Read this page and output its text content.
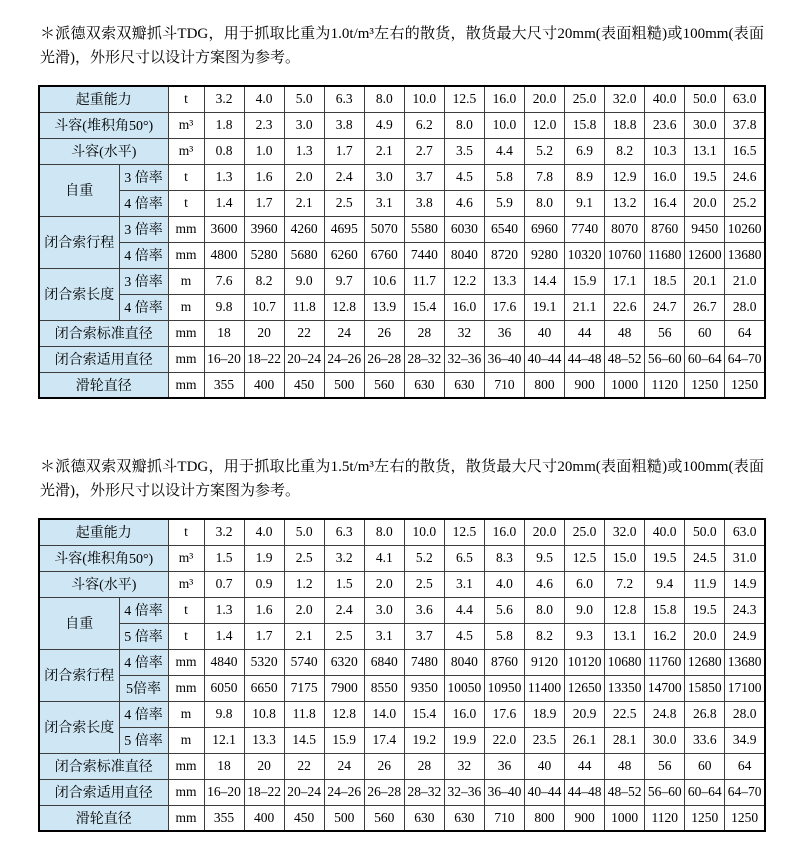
＊派德双索双瓣抓斗TDG，用于抓取比重为1.0t/m³左右的散货，散货最大尺寸20mm(表面粗糙)或100mm(表面光滑)，外形尺寸以设计方案图为参考。

起重能力		t	3.2	4.0	5.0	6.3	8.0	10.0	12.5	16.0	20.0	25.0	32.0	40.0	50.0	63.0
斗容(堆积角50°)		m³	1.8	2.3	3.0	3.8	4.9	6.2	8.0	10.0	12.0	15.8	18.8	23.6	30.0	37.8
斗容(水平)		m³	0.8	1.0	1.3	1.7	2.1	2.7	3.5	4.4	5.2	6.9	8.2	10.3	13.1	16.5
自重	3 倍率	t	1.3	1.6	2.0	2.4	3.0	3.7	4.5	5.8	7.8	8.9	12.9	16.0	19.5	24.6
	4 倍率	t	1.4	1.7	2.1	2.5	3.1	3.8	4.6	5.9	8.0	9.1	13.2	16.4	20.0	25.2
闭合索行程	3 倍率	mm	3600	3960	4260	4695	5070	5580	6030	6540	6960	7740	8070	8760	9450	10260
	4 倍率	mm	4800	5280	5680	6260	6760	7440	8040	8720	9280	10320	10760	11680	12600	13680
闭合索长度	3 倍率	m	7.6	8.2	9.0	9.7	10.6	11.7	12.2	13.3	14.4	15.9	17.1	18.5	20.1	21.0
	4 倍率	m	9.8	10.7	11.8	12.8	13.9	15.4	16.0	17.6	19.1	21.1	22.6	24.7	26.7	28.0
闭合索标准直径		mm	18	20	22	24	26	28	32	36	40	44	48	56	60	64
闭合索适用直径		mm	16–20	18–22	20–24	24–26	26–28	28–32	32–36	36–40	40–44	44–48	48–52	56–60	60–64	64–70
滑轮直径		mm	355	400	450	500	560	630	630	710	800	900	1000	1120	1250	1250

＊派德双索双瓣抓斗TDG，用于抓取比重为1.5t/m³左右的散货，散货最大尺寸20mm(表面粗糙)或100mm(表面光滑)，外形尺寸以设计方案图为参考。

起重能力		t	3.2	4.0	5.0	6.3	8.0	10.0	12.5	16.0	20.0	25.0	32.0	40.0	50.0	63.0
斗容(堆积角50°)		m³	1.5	1.9	2.5	3.2	4.1	5.2	6.5	8.3	9.5	12.5	15.0	19.5	24.5	31.0
斗容(水平)		m³	0.7	0.9	1.2	1.5	2.0	2.5	3.1	4.0	4.6	6.0	7.2	9.4	11.9	14.9
自重	4 倍率	t	1.3	1.6	2.0	2.4	3.0	3.6	4.4	5.6	8.0	9.0	12.8	15.8	19.5	24.3
	5 倍率	t	1.4	1.7	2.1	2.5	3.1	3.7	4.5	5.8	8.2	9.3	13.1	16.2	20.0	24.9
闭合索行程	4 倍率	mm	4840	5320	5740	6320	6840	7480	8040	8760	9120	10120	10680	11760	12680	13680
	5倍率	mm	6050	6650	7175	7900	8550	9350	10050	10950	11400	12650	13350	14700	15850	17100
闭合索长度	4 倍率	m	9.8	10.8	11.8	12.8	14.0	15.4	16.0	17.6	18.9	20.9	22.5	24.8	26.8	28.0
	5 倍率	m	12.1	13.3	14.5	15.9	17.4	19.2	19.9	22.0	23.5	26.1	28.1	30.0	33.6	34.9
闭合索标准直径		mm	18	20	22	24	26	28	32	36	40	44	48	56	60	64
闭合索适用直径		mm	16–20	18–22	20–24	24–26	26–28	28–32	32–36	36–40	40–44	44–48	48–52	56–60	60–64	64–70
滑轮直径		mm	355	400	450	500	560	630	630	710	800	900	1000	1120	1250	1250
